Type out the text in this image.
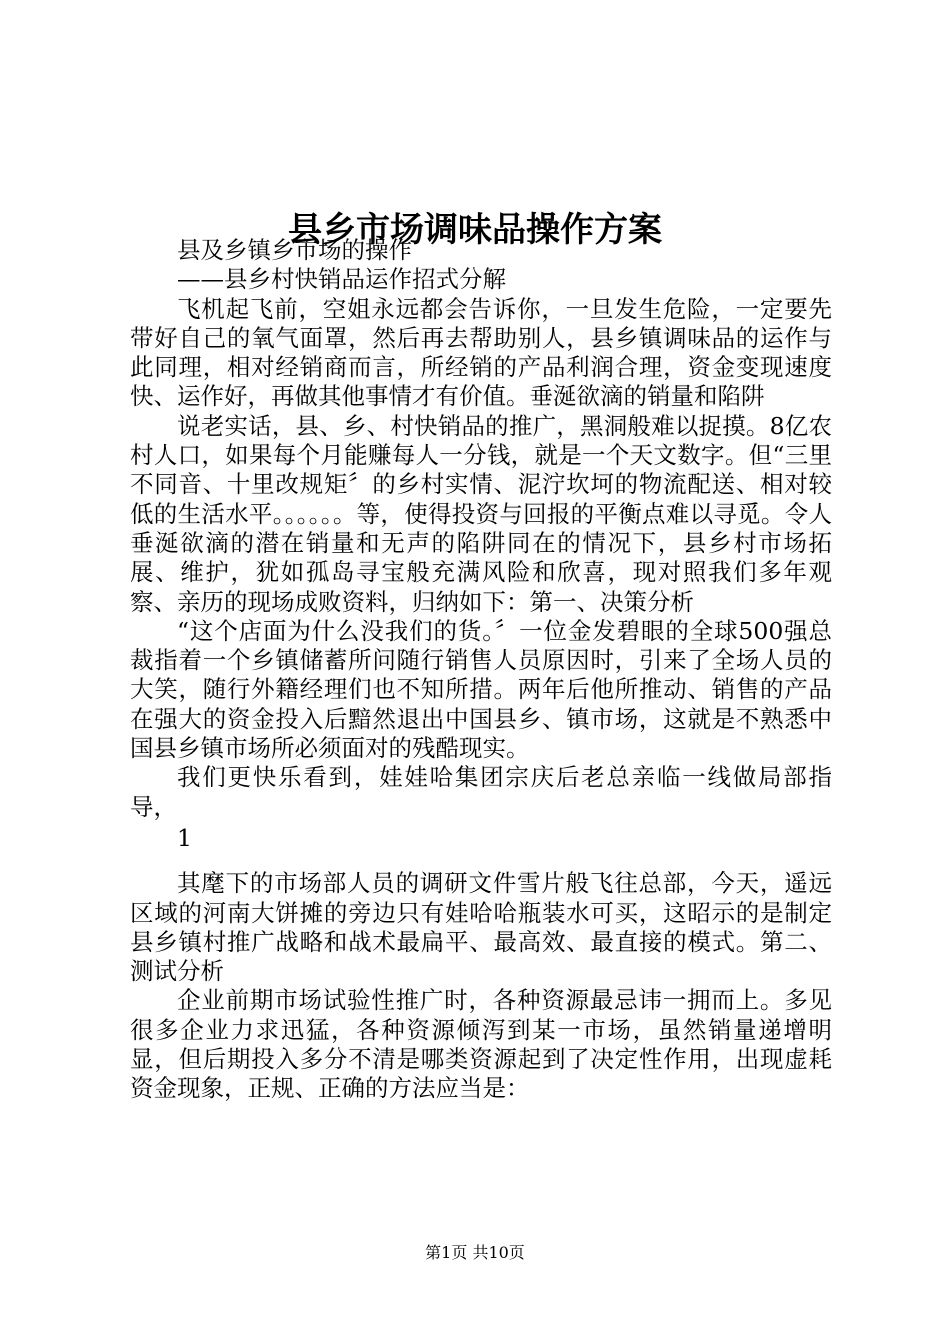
县乡市场调味品操作方案

县及乡镇乡市场的操作

——县乡村快销品运作招式分解

飞机起飞前，空姐永远都会告诉你，一旦发生危险，一定要先带好自己的氧气面罩，然后再去帮助别人，县乡镇调味品的运作与此同理，相对经销商而言，所经销的产品利润合理，资金变现速度快、运作好，再做其他事情才有价值。垂涎欲滴的销量和陷阱

说老实话，县、乡、村快销品的推广，黑洞般难以捉摸。8亿农村人口，如果每个月能赚每人一分钱，就是一个天文数字。但“三里不同音、十里改规矩〞的乡村实情、泥泞坎坷的物流配送、相对较低的生活水平。。。。。。等，使得投资与回报的平衡点难以寻觅。令人垂涎欲滴的潜在销量和无声的陷阱同在的情况下，县乡村市场拓展、维护，犹如孤岛寻宝般充满风险和欣喜，现对照我们多年观察、亲历的现场成败资料，归纳如下：第一、决策分析

“这个店面为什么没我们的货。〞一位金发碧眼的全球500强总裁指着一个乡镇储蓄所问随行销售人员原因时，引来了全场人员的大笑，随行外籍经理们也不知所措。两年后他所推动、销售的产品在强大的资金投入后黯然退出中国县乡、镇市场，这就是不熟悉中国县乡镇市场所必须面对的残酷现实。

我们更快乐看到，娃娃哈集团宗庆后老总亲临一线做局部指导，

1

其麾下的市场部人员的调研文件雪片般飞往总部，今天，遥远区域的河南大饼摊的旁边只有娃哈哈瓶装水可买，这昭示的是制定县乡镇村推广战略和战术最扁平、最高效、最直接的模式。第二、测试分析

企业前期市场试验性推广时，各种资源最忌讳一拥而上。多见很多企业力求迅猛，各种资源倾泻到某一市场，虽然销量递增明显，但后期投入多分不清是哪类资源起到了决定性作用，出现虚耗资金现象，正规、正确的方法应当是：

第1页 共10页
